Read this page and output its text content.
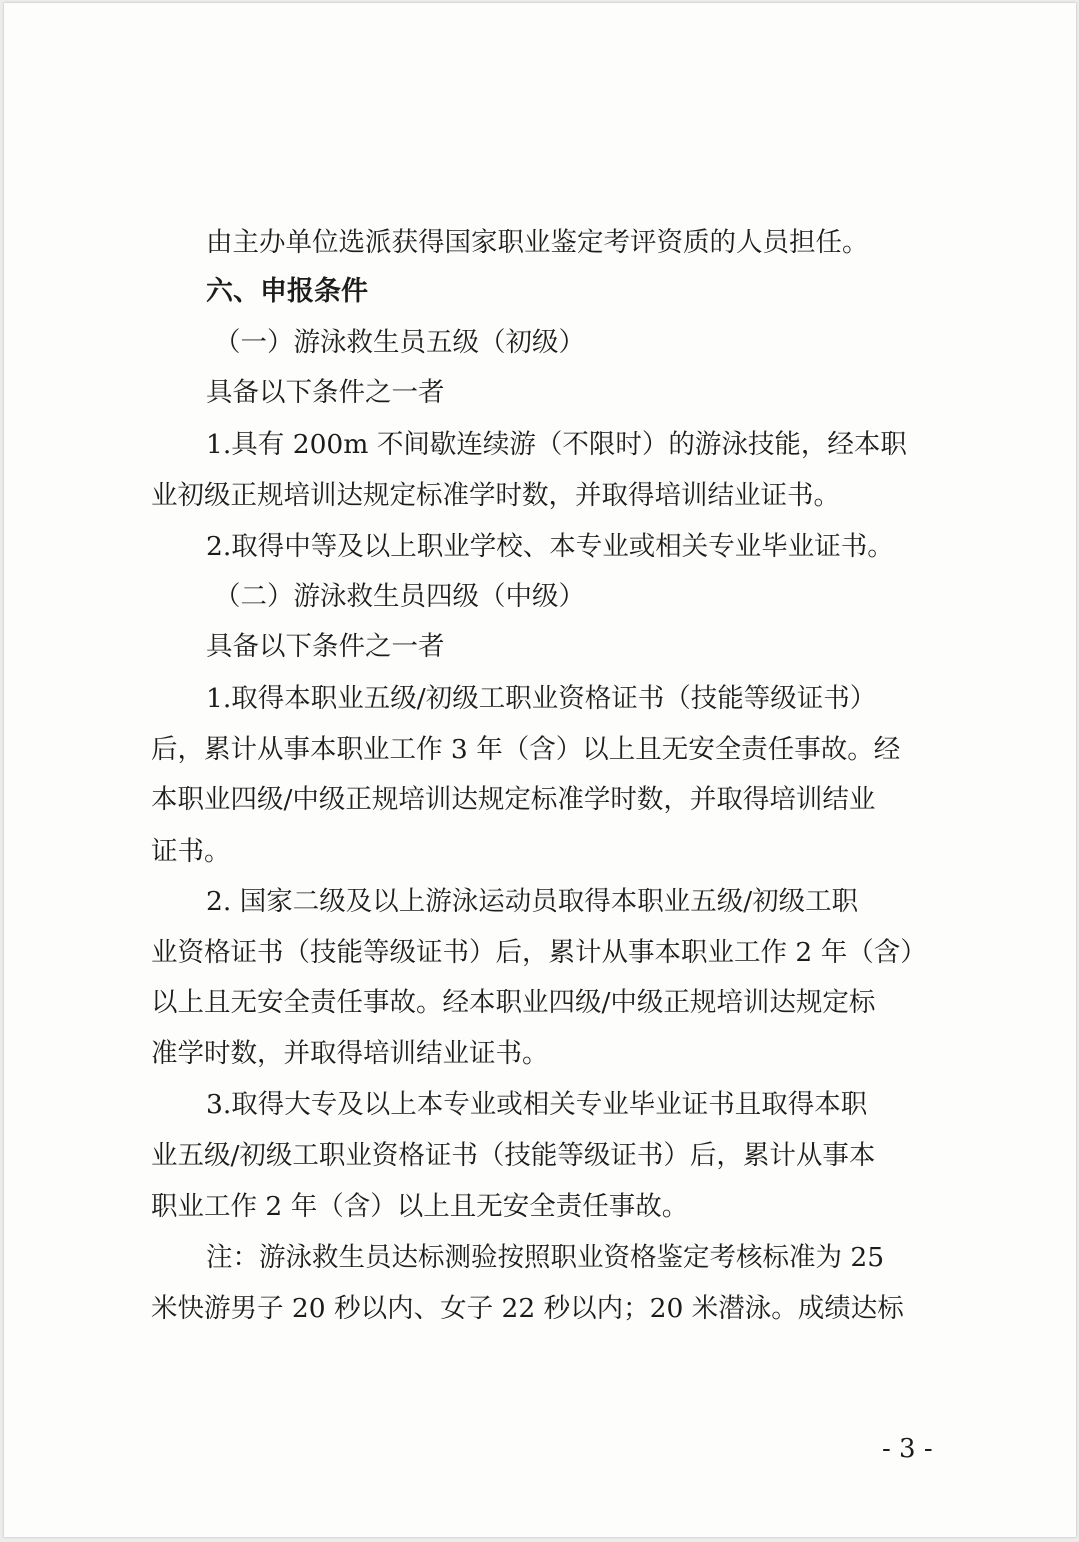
由主办单位选派获得国家职业鉴定考评资质的人员担任。
六、申报条件
（一）游泳救生员五级（初级）
具备以下条件之一者
1.具有 200m 不间歇连续游（不限时）的游泳技能，经本职
业初级正规培训达规定标准学时数，并取得培训结业证书。
2.取得中等及以上职业学校、本专业或相关专业毕业证书。
（二）游泳救生员四级（中级）
具备以下条件之一者
1.取得本职业五级/初级工职业资格证书（技能等级证书）
后，累计从事本职业工作 3 年（含）以上且无安全责任事故。经
本职业四级/中级正规培训达规定标准学时数，并取得培训结业
证书。
2. 国家二级及以上游泳运动员取得本职业五级/初级工职
业资格证书（技能等级证书）后，累计从事本职业工作 2 年（含）
以上且无安全责任事故。经本职业四级/中级正规培训达规定标
准学时数，并取得培训结业证书。
3.取得大专及以上本专业或相关专业毕业证书且取得本职
业五级/初级工职业资格证书（技能等级证书）后，累计从事本
职业工作 2 年（含）以上且无安全责任事故。
注：游泳救生员达标测验按照职业资格鉴定考核标准为 25
米快游男子 20 秒以内、女子 22 秒以内；20 米潜泳。成绩达标
- 3 -
